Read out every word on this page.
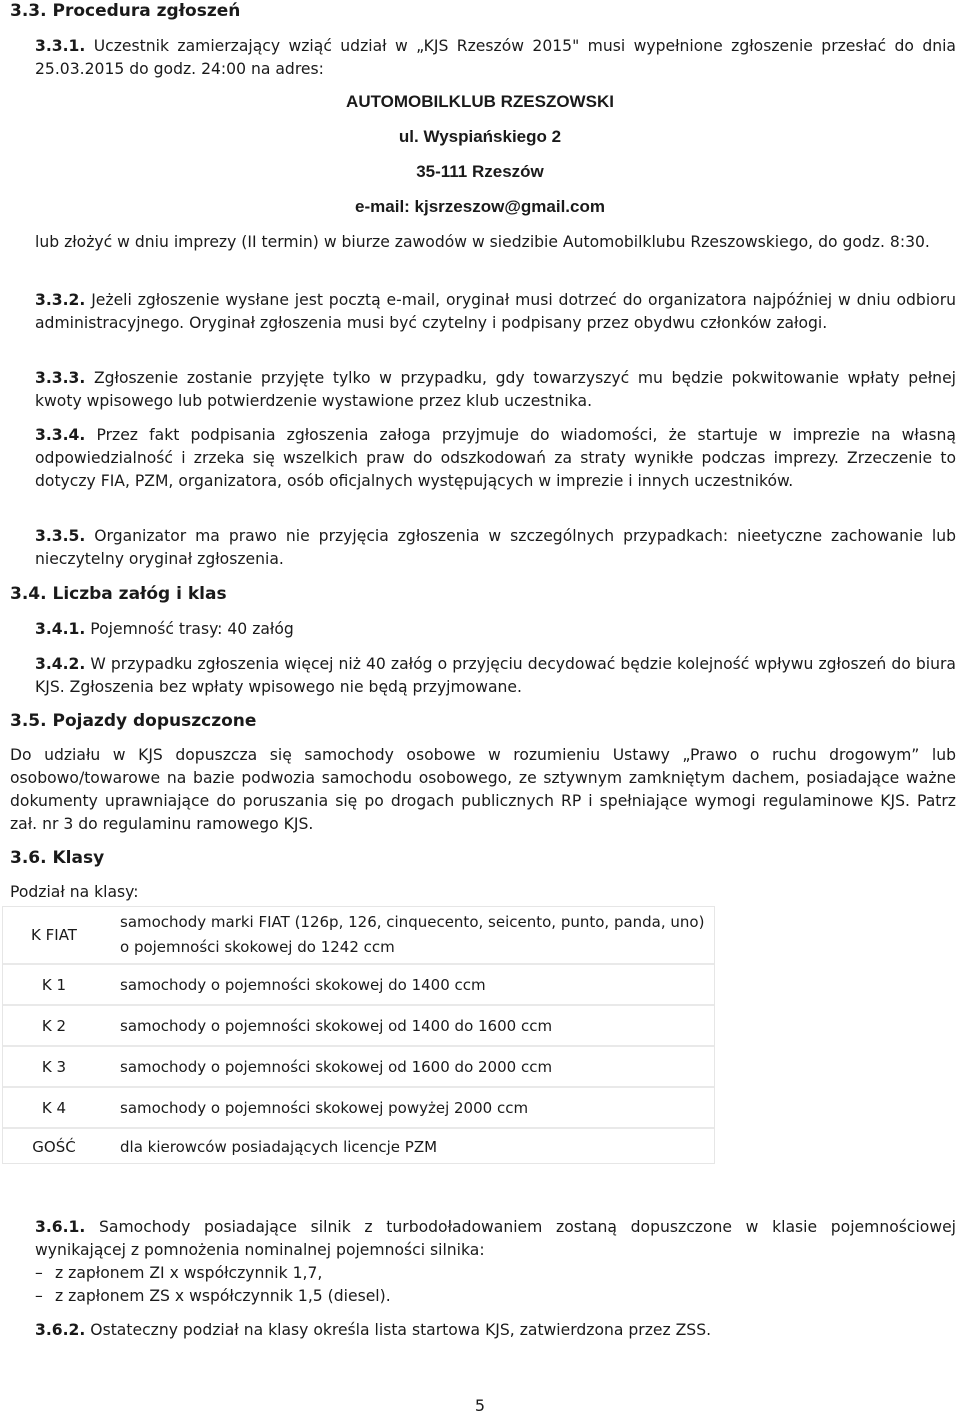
3.3. Procedura zgłoszeń
3.3.1. Uczestnik zamierzający wziąć udział w „KJS Rzeszów 2015" musi wypełnione zgłoszenie przesłać do dnia 25.03.2015 do godz. 24:00 na adres:
AUTOMOBILKLUB RZESZOWSKI
ul. Wyspiańskiego 2
35-111 Rzeszów
e-mail: kjsrzeszow@gmail.com
lub złożyć w dniu imprezy (II termin) w biurze zawodów w siedzibie Automobilklubu Rzeszowskiego, do godz. 8:30.
3.3.2. Jeżeli zgłoszenie wysłane jest pocztą e-mail, oryginał musi dotrzeć do organizatora najpóźniej w dniu odbioru administracyjnego. Oryginał zgłoszenia musi być czytelny i podpisany przez obydwu członków załogi.
3.3.3. Zgłoszenie zostanie przyjęte tylko w przypadku, gdy towarzyszyć mu będzie pokwitowanie wpłaty pełnej kwoty wpisowego lub potwierdzenie wystawione przez klub uczestnika.
3.3.4. Przez fakt podpisania zgłoszenia załoga przyjmuje do wiadomości, że startuje w imprezie na własną odpowiedzialność i zrzeka się wszelkich praw do odszkodowań za straty wynikłe podczas imprezy. Zrzeczenie to dotyczy FIA, PZM, organizatora, osób oficjalnych występujących w imprezie i innych uczestników.
3.3.5. Organizator ma prawo nie przyjęcia zgłoszenia w szczególnych przypadkach: nieetyczne zachowanie lub nieczytelny oryginał zgłoszenia.
3.4. Liczba załóg i klas
3.4.1. Pojemność trasy: 40 załóg
3.4.2. W przypadku zgłoszenia więcej niż 40 załóg o przyjęciu decydować będzie kolejność wpływu zgłoszeń do biura KJS. Zgłoszenia bez wpłaty wpisowego nie będą przyjmowane.
3.5. Pojazdy dopuszczone
Do udziału w KJS dopuszcza się samochody osobowe w rozumieniu Ustawy „Prawo o ruchu drogowym” lub osobowo/towarowe na bazie podwozia samochodu osobowego, ze sztywnym zamkniętym dachem, posiadające ważne dokumenty uprawniające do poruszania się po drogach publicznych RP i spełniające wymogi regulaminowe KJS. Patrz zał. nr 3 do regulaminu ramowego KJS.
3.6. Klasy
Podział na klasy:
K FIAT	samochody marki FIAT (126p, 126, cinquecento, seicento, punto, panda, uno) o pojemności skokowej do 1242 ccm
K 1	samochody o pojemności skokowej do 1400 ccm
K 2	samochody o pojemności skokowej od 1400 do 1600 ccm
K 3	samochody o pojemności skokowej od 1600 do 2000 ccm
K 4	samochody o pojemności skokowej powyżej 2000 ccm
GOŚĆ	dla kierowców posiadających licencje PZM
3.6.1. Samochody posiadające silnik z turbodoładowaniem zostaną dopuszczone w klasie pojemnościowej wynikającej z pomnożenia nominalnej pojemności silnika:
– z zapłonem ZI x współczynnik 1,7,
– z zapłonem ZS x współczynnik 1,5 (diesel).
3.6.2. Ostateczny podział na klasy określa lista startowa KJS, zatwierdzona przez ZSS.
5
